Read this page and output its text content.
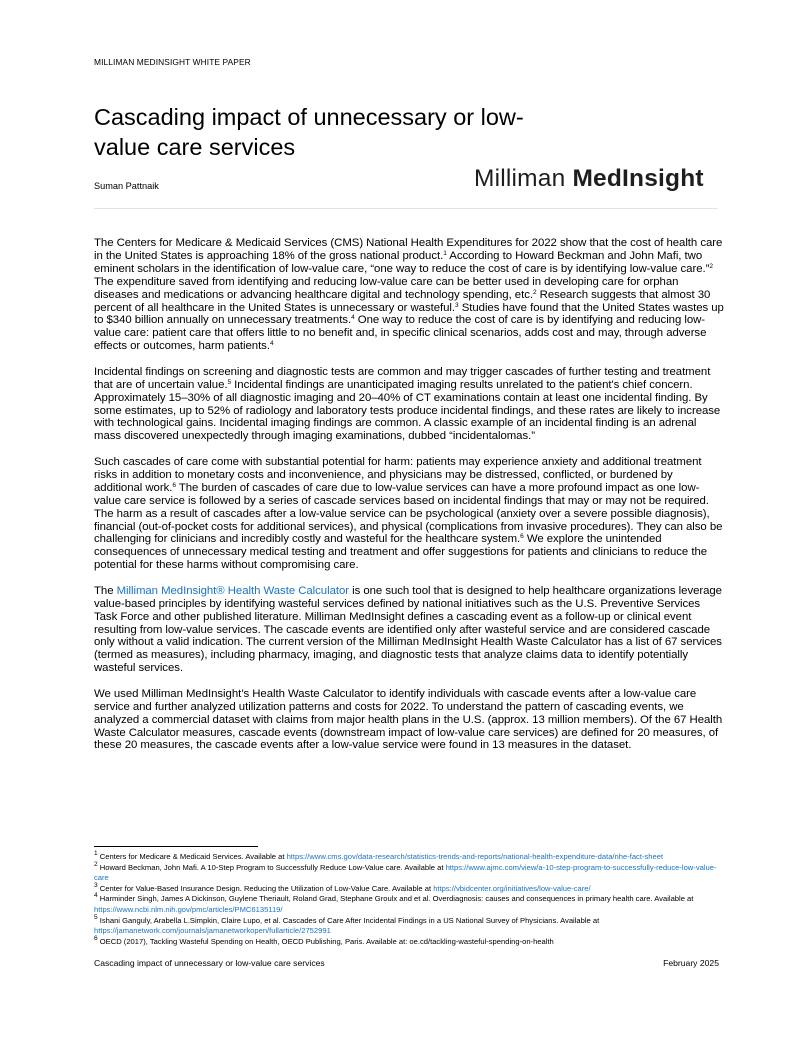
MILLIMAN MEDINSIGHT WHITE PAPER
Cascading impact of unnecessary or low-value care services
Suman Pattnaik	Milliman MedInsight

The Centers for Medicare & Medicaid Services (CMS) National Health Expenditures for 2022 show that the cost of health care in the United States is approaching 18% of the gross national product.$^1$ According to Howard Beckman and John Mafi, two eminent scholars in the identification of low-value care, “one way to reduce the cost of care is by identifying low-value care.”$^2$ The expenditure saved from identifying and reducing low-value care can be better used in developing care for orphan diseases and medications or advancing healthcare digital and technology spending, etc.$^2$ Research suggests that almost 30 percent of all healthcare in the United States is unnecessary or wasteful.$^3$ Studies have found that the United States wastes up to $340 billion annually on unnecessary treatments.$^4$ One way to reduce the cost of care is by identifying and reducing low-value care: patient care that offers little to no benefit and, in specific clinical scenarios, adds cost and may, through adverse effects or outcomes, harm patients.$^4$

Incidental findings on screening and diagnostic tests are common and may trigger cascades of further testing and treatment that are of uncertain value.$^5$ Incidental findings are unanticipated imaging results unrelated to the patient's chief concern. Approximately 15–30% of all diagnostic imaging and 20–40% of CT examinations contain at least one incidental finding. By some estimates, up to 52% of radiology and laboratory tests produce incidental findings, and these rates are likely to increase with technological gains. Incidental imaging findings are common. A classic example of an incidental finding is an adrenal mass discovered unexpectedly through imaging examinations, dubbed “incidentalomas.”

Such cascades of care come with substantial potential for harm: patients may experience anxiety and additional treatment risks in addition to monetary costs and inconvenience, and physicians may be distressed, conflicted, or burdened by additional work.$^6$ The burden of cascades of care due to low-value services can have a more profound impact as one low-value care service is followed by a series of cascade services based on incidental findings that may or may not be required. The harm as a result of cascades after a low-value service can be psychological (anxiety over a severe possible diagnosis), financial (out-of-pocket costs for additional services), and physical (complications from invasive procedures). They can also be challenging for clinicians and incredibly costly and wasteful for the healthcare system.$^6$ We explore the unintended consequences of unnecessary medical testing and treatment and offer suggestions for patients and clinicians to reduce the potential for these harms without compromising care.

The Milliman MedInsight® Health Waste Calculator is one such tool that is designed to help healthcare organizations leverage value-based principles by identifying wasteful services defined by national initiatives such as the U.S. Preventive Services Task Force and other published literature. Milliman MedInsight defines a cascading event as a follow-up or clinical event resulting from low-value services. The cascade events are identified only after wasteful service and are considered cascade only without a valid indication. The current version of the Milliman MedInsight Health Waste Calculator has a list of 67 services (termed as measures), including pharmacy, imaging, and diagnostic tests that analyze claims data to identify potentially wasteful services.

We used Milliman MedInsight’s Health Waste Calculator to identify individuals with cascade events after a low-value care service and further analyzed utilization patterns and costs for 2022. To understand the pattern of cascading events, we analyzed a commercial dataset with claims from major health plans in the U.S. (approx. 13 million members). Of the 67 Health Waste Calculator measures, cascade events (downstream impact of low-value care services) are defined for 20 measures, of these 20 measures, the cascade events after a low-value service were found in 13 measures in the dataset.

$^1$ Centers for Medicare & Medicaid Services. Available at https://www.cms.gov/data-research/statistics-trends-and-reports/national-health-expenditure-data/nhe-fact-sheet
$^2$ Howard Beckman, John Mafi. A 10-Step Program to Successfully Reduce Low-Value care. Available at https://www.ajmc.com/view/a-10-step-program-to-successfully-reduce-low-value-care
$^3$ Center for Value-Based Insurance Design. Reducing the Utilization of Low-Value Care. Available at https://vbidcenter.org/initiatives/low-value-care/
$^4$ Harminder Singh, James A Dickinson, Guylene Theriault, Roland Grad, Stephane Groulx and et al. Overdiagnosis: causes and consequences in primary health care. Available at https://www.ncbi.nlm.nih.gov/pmc/articles/PMC6135119/
$^5$ Ishani Ganguly, Arabella L.Simpkin, Claire Lupo, et al. Cascades of Care After Incidental Findings in a US National Survey of Physicians. Available at https://jamanetwork.com/journals/jamanetworkopen/fullarticle/2752991
$^6$ OECD (2017), Tackling Wasteful Spending on Health, OECD Publishing, Paris. Available at: oe.cd/tackling-wasteful-spending-on-health
Cascading impact of unnecessary or low-value care services	February 2025
